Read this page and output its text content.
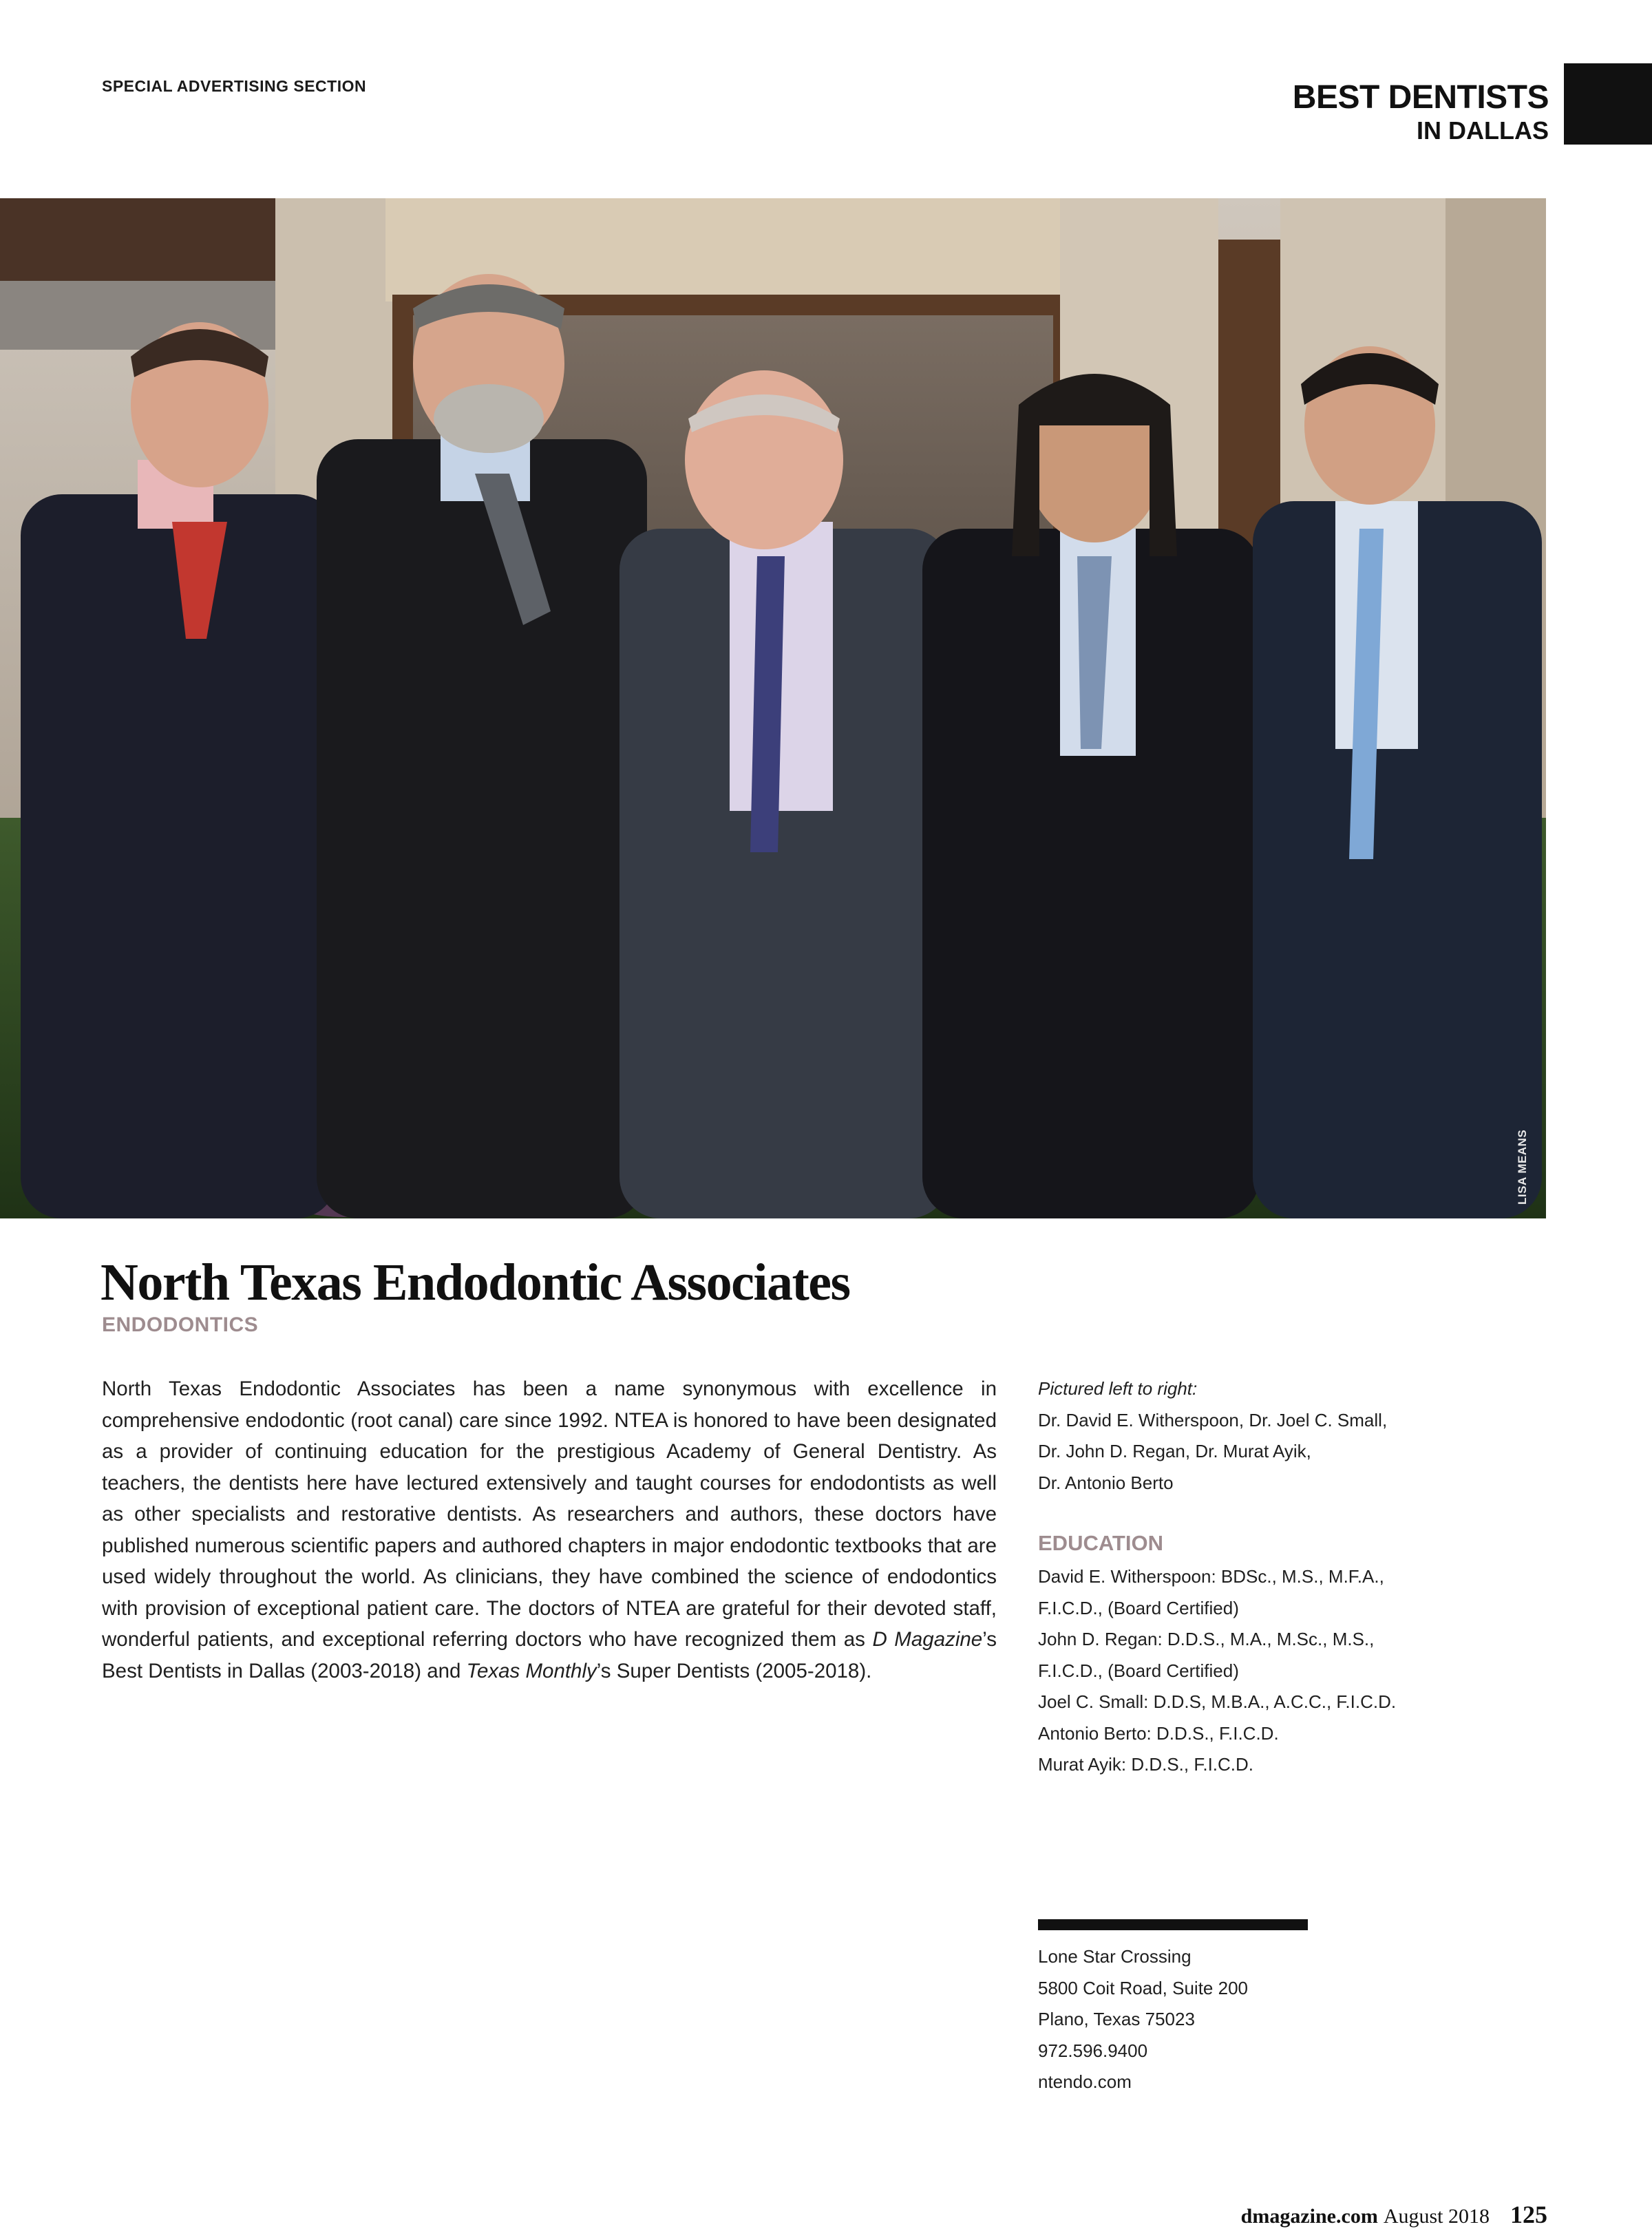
SPECIAL ADVERTISING SECTION	BEST DENTISTS
IN DALLAS
LISA MEANS
North Texas Endodontic Associates
ENDODONTICS
North Texas Endodontic Associates has been a name synonymous with excellence in comprehensive endodontic (root canal) care since 1992. NTEA is honored to have been designated as a provider of continuing education for the prestigious Academy of General Dentistry. As teachers, the dentists here have lectured extensively and taught courses for endodontists as well as other specialists and restorative dentists. As researchers and authors, these doctors have published numerous scientific papers and authored chapters in major endodontic textbooks that are used widely throughout the world. As clinicians, they have combined the science of endodontics with provision of exceptional patient care. The doctors of NTEA are grateful for their devoted staff, wonderful patients, and exceptional referring doctors who have recognized them as D Magazine’s Best Dentists in Dallas (2003-2018) and Texas Monthly’s Super Dentists (2005-2018).
Pictured left to right:
Dr. David E. Witherspoon, Dr. Joel C. Small,
Dr. John D. Regan, Dr. Murat Ayik,
Dr. Antonio Berto
EDUCATION
David E. Witherspoon: BDSc., M.S., M.F.A.,
F.I.C.D., (Board Certified)
John D. Regan: D.D.S., M.A., M.Sc., M.S.,
F.I.C.D., (Board Certified)
Joel C. Small: D.D.S, M.B.A., A.C.C., F.I.C.D.
Antonio Berto: D.D.S., F.I.C.D.
Murat Ayik: D.D.S., F.I.C.D.
Lone Star Crossing
5800 Coit Road, Suite 200
Plano, Texas 75023
972.596.9400
ntendo.com
dmagazine.com August 2018 125
